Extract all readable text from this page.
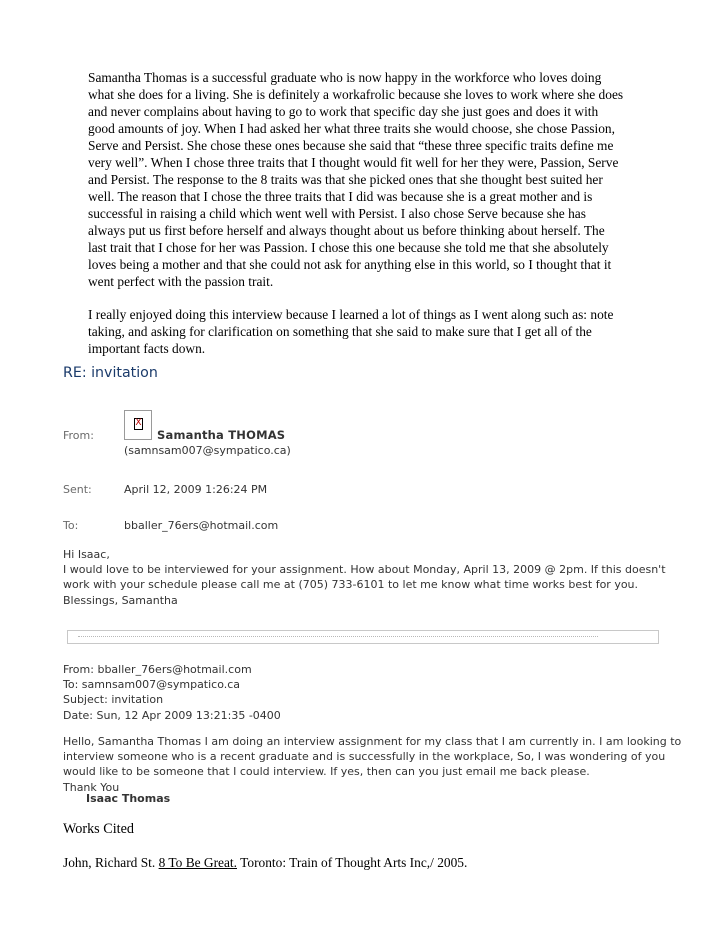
Samantha Thomas is a successful graduate who is now happy in the workforce who loves doing
what she does for a living. She is definitely a workafrolic because she loves to work where she does
and never complains about having to go to work that specific day she just goes and does it with
good amounts of joy. When I had asked her what three traits she would choose, she chose Passion,
Serve and Persist. She chose these ones because she said that “these three specific traits define me
very well”. When I chose three traits that I thought would fit well for her they were, Passion, Serve
and Persist. The response to the 8 traits was that she picked ones that she thought best suited her
well. The reason that I chose the three traits that I did was because she is a great mother and is
successful in raising a child which went well with Persist. I also chose Serve because she has
always put us first before herself and always thought about us before thinking about herself. The
last trait that I chose for her was Passion. I chose this one because she told me that she absolutely
loves being a mother and that she could not ask for anything else in this world, so I thought that it
went perfect with the passion trait.

I really enjoyed doing this interview because I learned a lot of things as I went along such as: note
taking, and asking for clarification on something that she said to make sure that I get all of the
important facts down.

RE: invitation
From:
X
Samantha THOMAS
(samnsam007@sympatico.ca)
Sent:	April 12, 2009 1:26:24 PM
To:	bballer_76ers@hotmail.com
Hi Isaac,
I would love to be interviewed for your assignment. How about Monday, April 13, 2009 @ 2pm. If this doesn't
work with your schedule please call me at (705) 733-6101 to let me know what time works best for you.
Blessings, Samantha
From: bballer_76ers@hotmail.com
To: samnsam007@sympatico.ca
Subject: invitation
Date: Sun, 12 Apr 2009 13:21:35 -0400
Hello, Samantha Thomas I am doing an interview assignment for my class that I am currently in. I am looking to
interview someone who is a recent graduate and is successfully in the workplace, So, I was wondering of you
would like to be someone that I could interview. If yes, then can you just email me back please.
Thank You
Isaac Thomas
Works Cited
John, Richard St. 8 To Be Great. Toronto: Train of Thought Arts Inc,/ 2005.
